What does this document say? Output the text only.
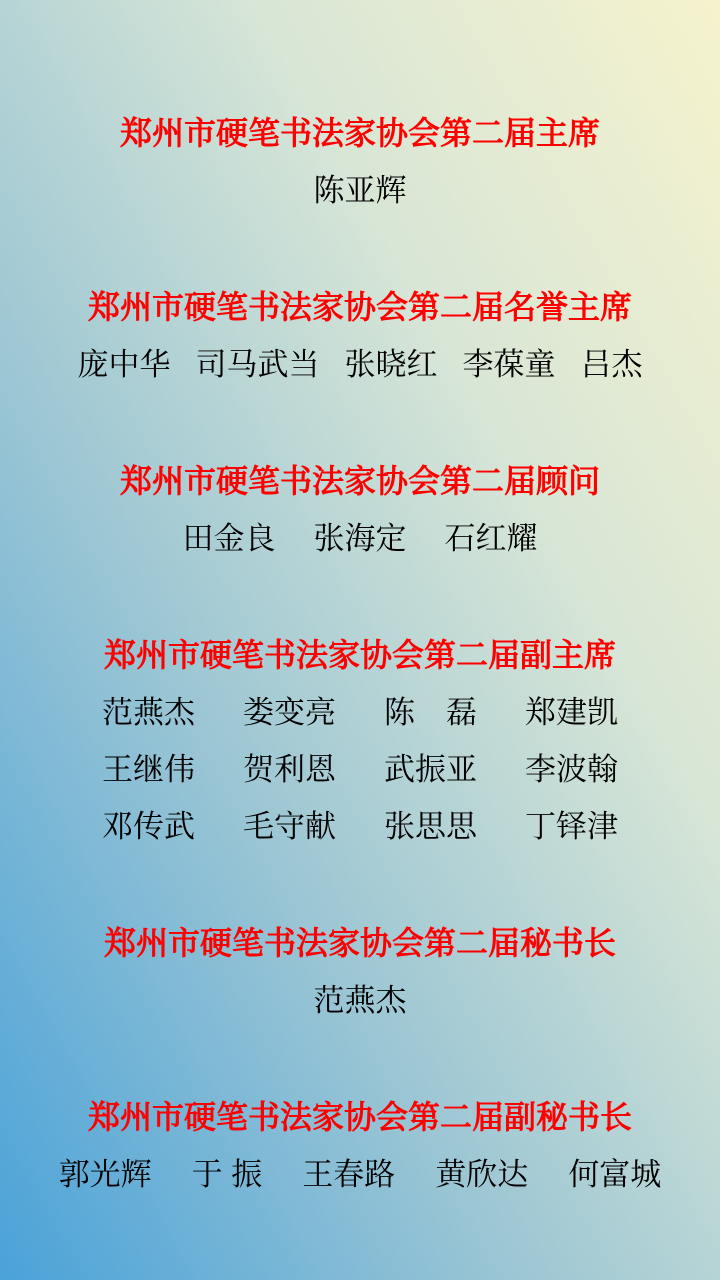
郑州市硬笔书法家协会第二届主席
陈亚辉
郑州市硬笔书法家协会第二届名誉主席
庞中华 司马武当 张晓红 李葆童 吕杰
郑州市硬笔书法家协会第二届顾问
田金良 张海定 石红耀
郑州市硬笔书法家协会第二届副主席
范燕杰 娄变亮 陈　磊 郑建凯
王继伟 贺利恩 武振亚 李波翰
邓传武 毛守献 张思思 丁铎津
郑州市硬笔书法家协会第二届秘书长
范燕杰
郑州市硬笔书法家协会第二届副秘书长
郭光辉 于 振 王春路 黄欣达 何富城
